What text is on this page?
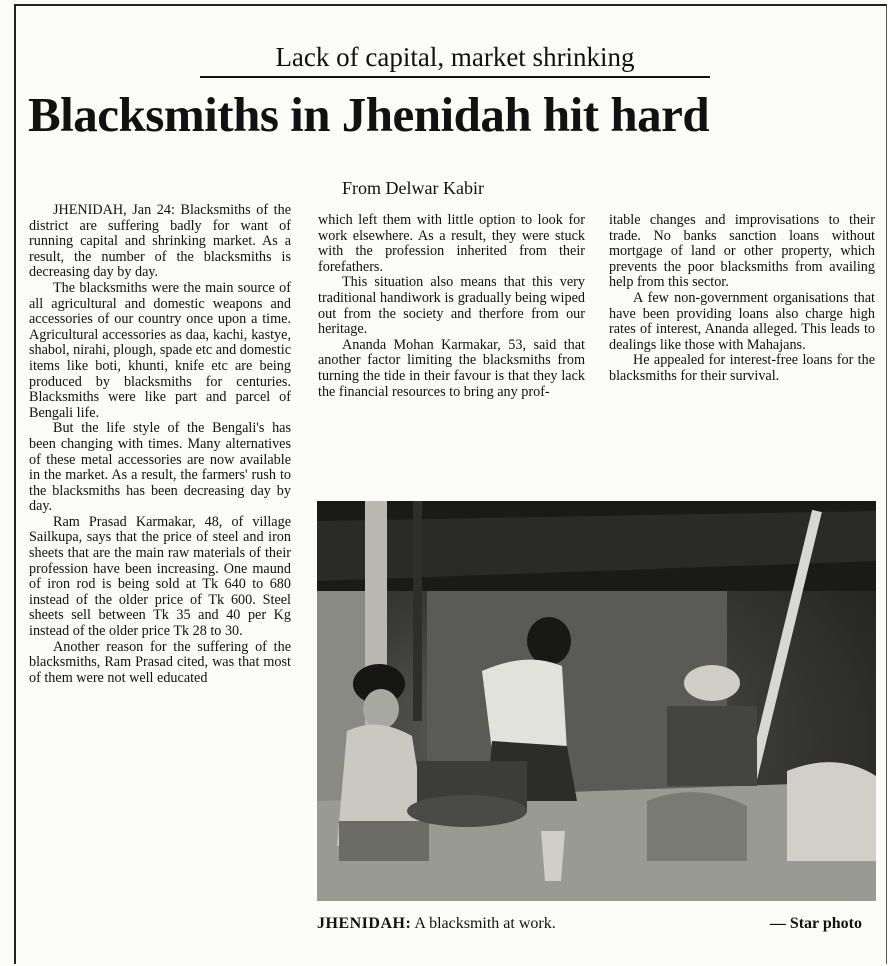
Lack of capital, market shrinking
Blacksmiths in Jhenidah hit hard
From Delwar Kabir

JHENIDAH, Jan 24: Blacksmiths of the district are suffering badly for want of running capital and shrinking market. As a result, the number of the blacksmiths is decreasing day by day.

The blacksmiths were the main source of all agricultural and domestic weapons and accessories of our country once upon a time. Agricultural accessories as daa, kachi, kastye, shabol, nirahi, plough, spade etc and domestic items like boti, khunti, knife etc are being produced by blacksmiths for centuries. Blacksmiths were like part and parcel of Bengali life.

But the life style of the Bengali's has been changing with times. Many alternatives of these metal accessories are now available in the market. As a result, the farmers' rush to the blacksmiths has been decreasing day by day.

Ram Prasad Karmakar, 48, of village Sailkupa, says that the price of steel and iron sheets that are the main raw materials of their profession have been increasing. One maund of iron rod is being sold at Tk 640 to 680 instead of the older price of Tk 600. Steel sheets sell between Tk 35 and 40 per Kg instead of the older price Tk 28 to 30.

Another reason for the suffering of the blacksmiths, Ram Prasad cited, was that most of them were not well educated

which left them with little option to look for work elsewhere. As a result, they were stuck with the profession inherited from their forefathers.

This situation also means that this very traditional handiwork is gradually being wiped out from the society and therfore from our heritage.

Ananda Mohan Karmakar, 53, said that another factor limiting the blacksmiths from turning the tide in their favour is that they lack the financial resources to bring any prof-

itable changes and improvisations to their trade. No banks sanction loans without mortgage of land or other property, which prevents the poor blacksmiths from availing help from this sector.

A few non-government organisations that have been providing loans also charge high rates of interest, Ananda alleged. This leads to dealings like those with Mahajans.

He appealed for interest-free loans for the blacksmiths for their survival.

JHENIDAH: A blacksmith at work.	— Star photo
